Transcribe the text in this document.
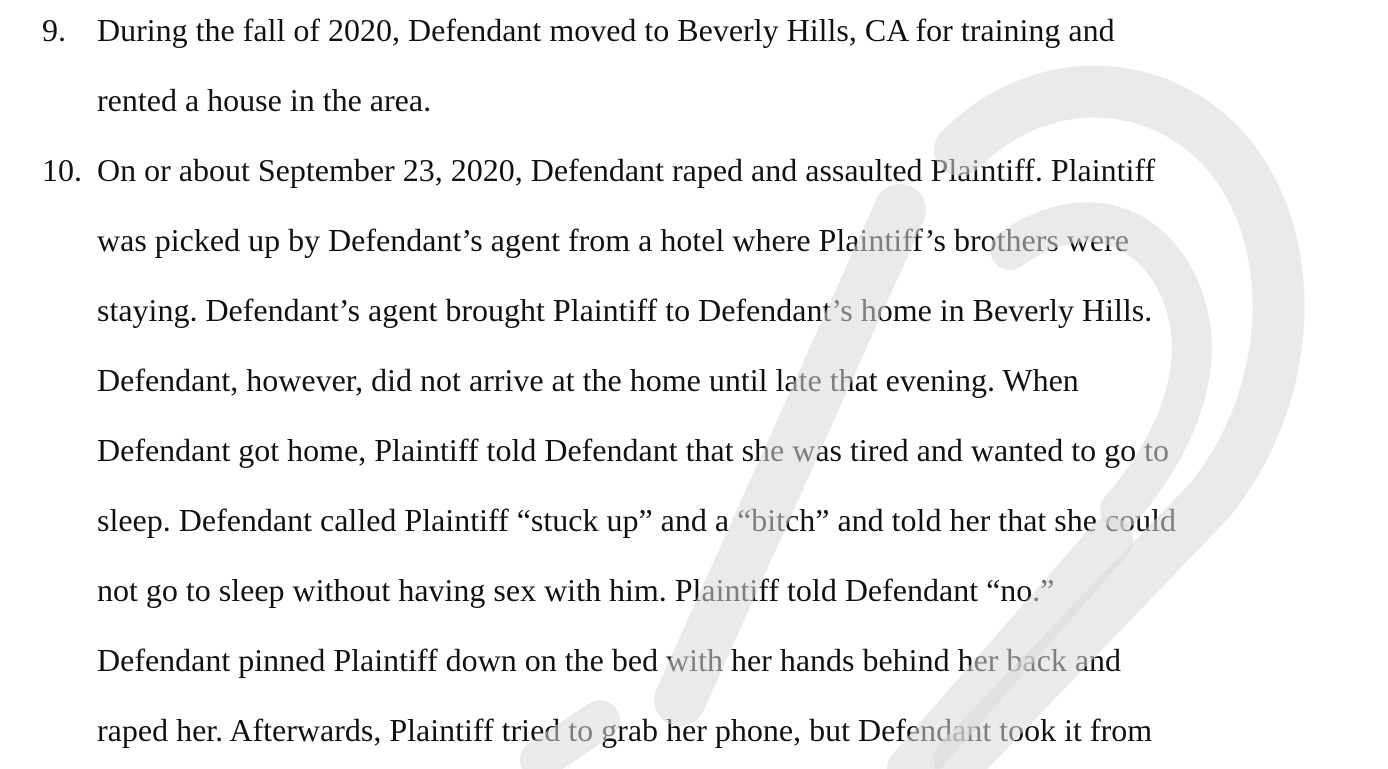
9. During the fall of 2020, Defendant moved to Beverly Hills, CA for training and
rented a house in the area.
10. On or about September 23, 2020, Defendant raped and assaulted Plaintiff. Plaintiff
was picked up by Defendant’s agent from a hotel where Plaintiff’s brothers were
staying. Defendant’s agent brought Plaintiff to Defendant’s home in Beverly Hills.
Defendant, however, did not arrive at the home until late that evening. When
Defendant got home, Plaintiff told Defendant that she was tired and wanted to go to
sleep. Defendant called Plaintiff “stuck up” and a “bitch” and told her that she could
not go to sleep without having sex with him. Plaintiff told Defendant “no.”
Defendant pinned Plaintiff down on the bed with her hands behind her back and
raped her. Afterwards, Plaintiff tried to grab her phone, but Defendant took it from
